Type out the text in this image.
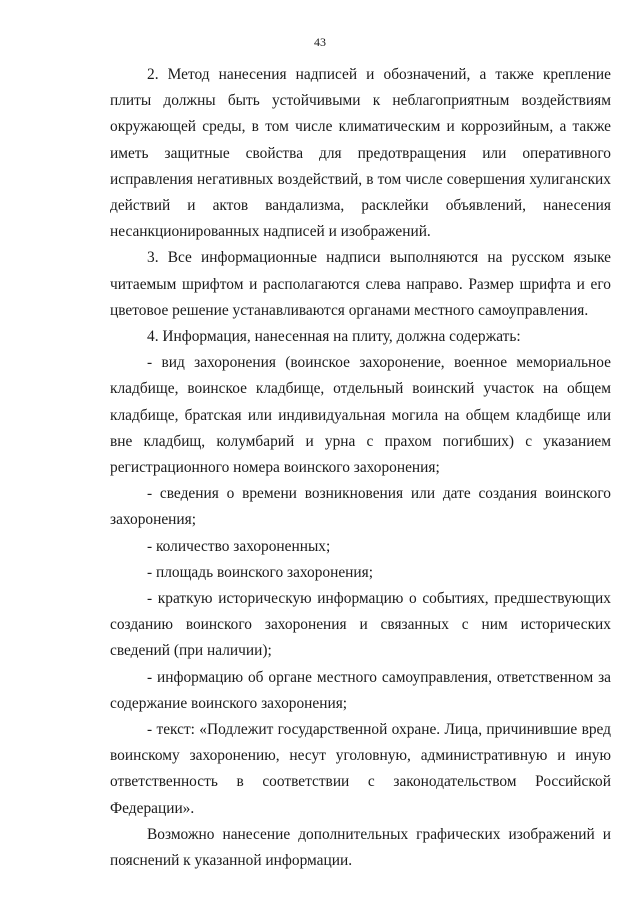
43

2. Метод нанесения надписей и обозначений, а также крепление плиты должны быть устойчивыми к неблагоприятным воздействиям окружающей среды, в том числе климатическим и коррозийным, а также иметь защитные свойства для предотвращения или оперативного исправления негативных воздействий, в том числе совершения хулиганских действий и актов вандализма, расклейки объявлений, нанесения несанкционированных надписей и изображений.

3. Все информационные надписи выполняются на русском языке читаемым шрифтом и располагаются слева направо. Размер шрифта и его цветовое решение устанавливаются органами местного самоуправления.

4. Информация, нанесенная на плиту, должна содержать:

- вид захоронения (воинское захоронение, военное мемориальное кладбище, воинское кладбище, отдельный воинский участок на общем кладбище, братская или индивидуальная могила на общем кладбище или вне кладбищ, колумбарий и урна с прахом погибших) с указанием регистрационного номера воинского захоронения;

- сведения о времени возникновения или дате создания воинского захоронения;

- количество захороненных;

- площадь воинского захоронения;

- краткую историческую информацию о событиях, предшествующих созданию воинского захоронения и связанных с ним исторических сведений (при наличии);

- информацию об органе местного самоуправления, ответственном за содержание воинского захоронения;

- текст: «Подлежит государственной охране. Лица, причинившие вред воинскому захоронению, несут уголовную, административную и иную ответственность в соответствии с законодательством Российской Федерации».

Возможно нанесение дополнительных графических изображений и пояснений к указанной информации.
